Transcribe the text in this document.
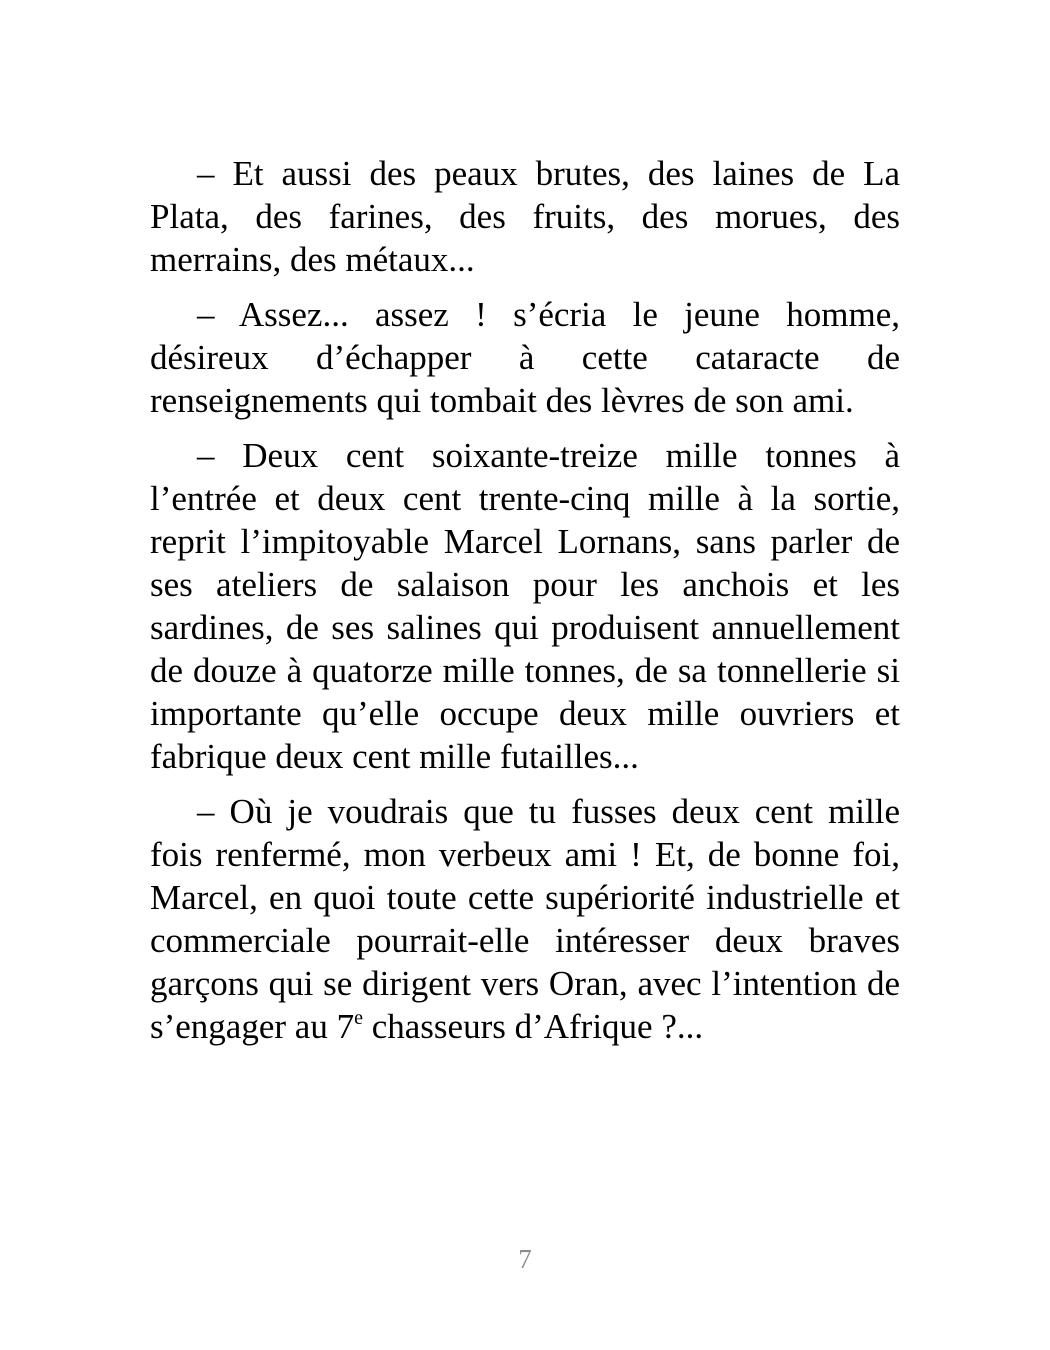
– Et aussi des peaux brutes, des laines de La Plata, des farines, des fruits, des morues, des merrains, des métaux...

– Assez... assez ! s’écria le jeune homme, désireux d’échapper à cette cataracte de renseignements qui tombait des lèvres de son ami.

– Deux cent soixante-treize mille tonnes à l’entrée et deux cent trente-cinq mille à la sortie, reprit l’impitoyable Marcel Lornans, sans parler de ses ateliers de salaison pour les anchois et les sardines, de ses salines qui produisent annuellement de douze à quatorze mille tonnes, de sa tonnellerie si importante qu’elle occupe deux mille ouvriers et fabrique deux cent mille futailles...

– Où je voudrais que tu fusses deux cent mille fois renfermé, mon verbeux ami ! Et, de bonne foi, Marcel, en quoi toute cette supériorité industrielle et commerciale pourrait-elle intéresser deux braves garçons qui se dirigent vers Oran, avec l’intention de s’engager au 7e chasseurs d’Afrique ?...

7
